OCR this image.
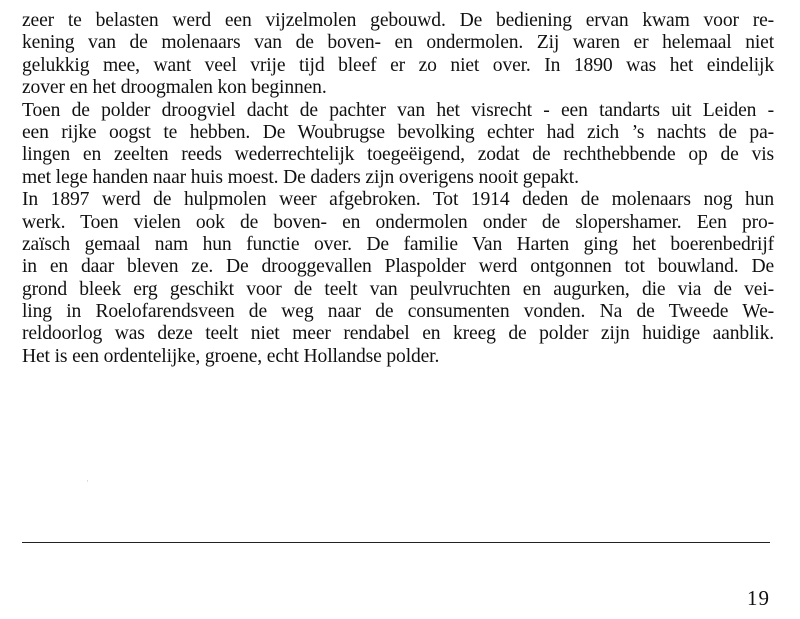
zeer te belasten werd een vijzelmolen gebouwd. De bediening ervan kwam voor re-
kening van de molenaars van de boven- en ondermolen. Zij waren er helemaal niet
gelukkig mee, want veel vrije tijd bleef er zo niet over. In 1890 was het eindelijk
zover en het droogmalen kon beginnen.
Toen de polder droogviel dacht de pachter van het visrecht - een tandarts uit Leiden -
een rijke oogst te hebben. De Woubrugse bevolking echter had zich ’s nachts de pa-
lingen en zeelten reeds wederrechtelijk toegeëigend, zodat de rechthebbende op de vis
met lege handen naar huis moest. De daders zijn overigens nooit gepakt.
In 1897 werd de hulpmolen weer afgebroken. Tot 1914 deden de molenaars nog hun
werk. Toen vielen ook de boven- en ondermolen onder de slopershamer. Een pro-
zaïsch gemaal nam hun functie over. De familie Van Harten ging het boerenbedrijf
in en daar bleven ze. De drooggevallen Plaspolder werd ontgonnen tot bouwland. De
grond bleek erg geschikt voor de teelt van peulvruchten en augurken, die via de vei-
ling in Roelofarendsveen de weg naar de consumenten vonden. Na de Tweede We-
reldoorlog was deze teelt niet meer rendabel en kreeg de polder zijn huidige aanblik.
Het is een ordentelijke, groene, echt Hollandse polder.
·
19
